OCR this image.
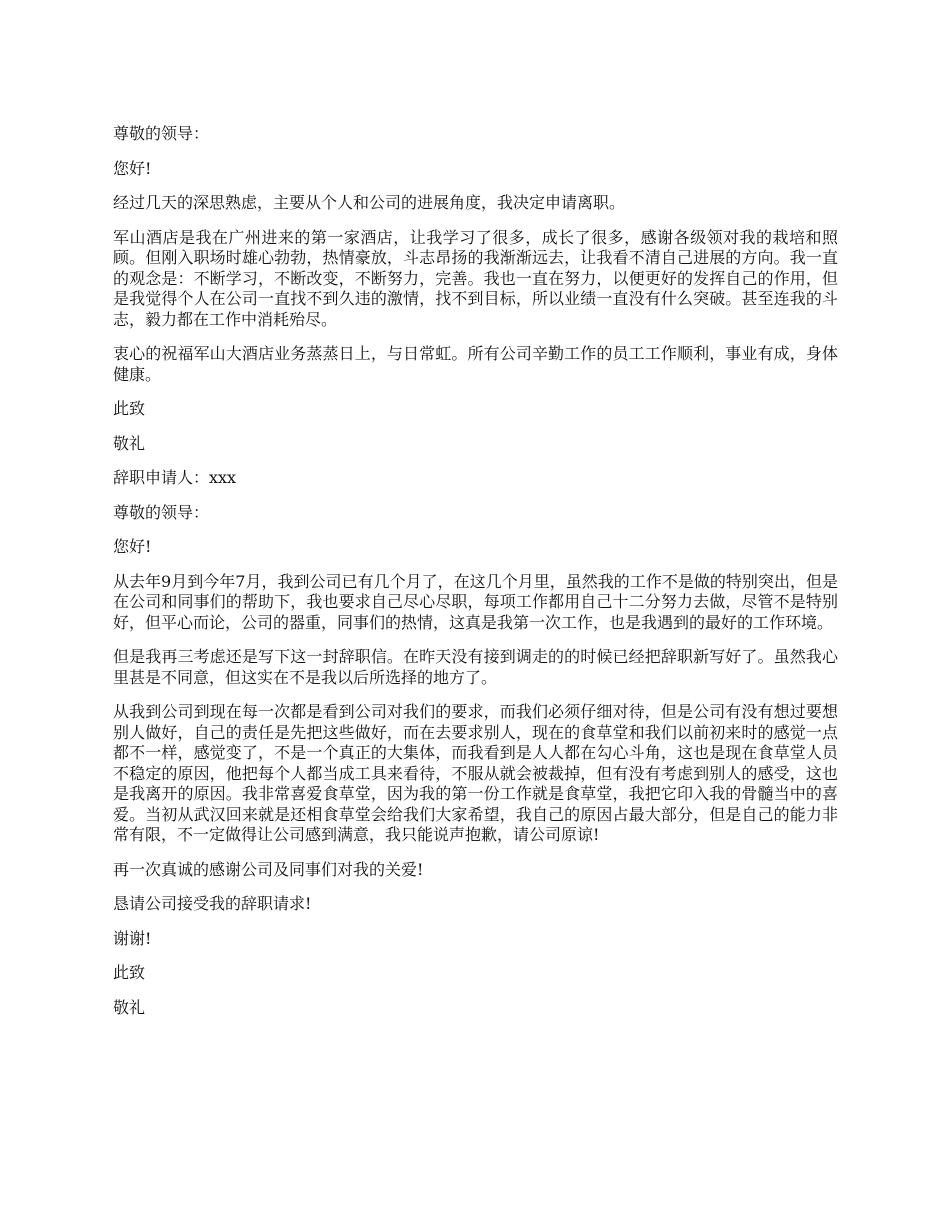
尊敬的领导：

您好!

经过几天的深思熟虑，主要从个人和公司的进展角度，我决定申请离职。

军山酒店是我在广州进来的第一家酒店，让我学习了很多，成长了很多，感谢各级领对我的栽培和照顾。但刚入职场时雄心勃勃，热情豪放，斗志昂扬的我渐渐远去，让我看不清自己进展的方向。我一直的观念是：不断学习，不断改变，不断努力，完善。我也一直在努力，以便更好的发挥自己的作用，但是我觉得个人在公司一直找不到久违的激情，找不到目标，所以业绩一直没有什么突破。甚至连我的斗志，毅力都在工作中消耗殆尽。

衷心的祝福军山大酒店业务蒸蒸日上，与日常虹。所有公司辛勤工作的员工工作顺利，事业有成，身体健康。

此致

敬礼

辞职申请人：xxx

尊敬的领导：

您好!

从去年9月到今年7月，我到公司已有几个月了，在这几个月里，虽然我的工作不是做的特别突出，但是在公司和同事们的帮助下，我也要求自己尽心尽职，每项工作都用自己十二分努力去做，尽管不是特别好，但平心而论，公司的器重，同事们的热情，这真是我第一次工作，也是我遇到的最好的工作环境。

但是我再三考虑还是写下这一封辞职信。在昨天没有接到调走的的时候已经把辞职新写好了。虽然我心里甚是不同意，但这实在不是我以后所选择的地方了。

从我到公司到现在每一次都是看到公司对我们的要求，而我们必须仔细对待，但是公司有没有想过要想别人做好，自己的责任是先把这些做好，而在去要求别人，现在的食草堂和我们以前初来时的感觉一点都不一样，感觉变了，不是一个真正的大集体，而我看到是人人都在勾心斗角，这也是现在食草堂人员不稳定的原因，他把每个人都当成工具来看待，不服从就会被裁掉，但有没有考虑到别人的感受，这也是我离开的原因。我非常喜爱食草堂，因为我的第一份工作就是食草堂，我把它印入我的骨髓当中的喜爱。当初从武汉回来就是还相食草堂会给我们大家希望，我自己的原因占最大部分，但是自己的能力非常有限，不一定做得让公司感到满意，我只能说声抱歉，请公司原谅!

再一次真诚的感谢公司及同事们对我的关爱!

恳请公司接受我的辞职请求!

谢谢!

此致

敬礼
